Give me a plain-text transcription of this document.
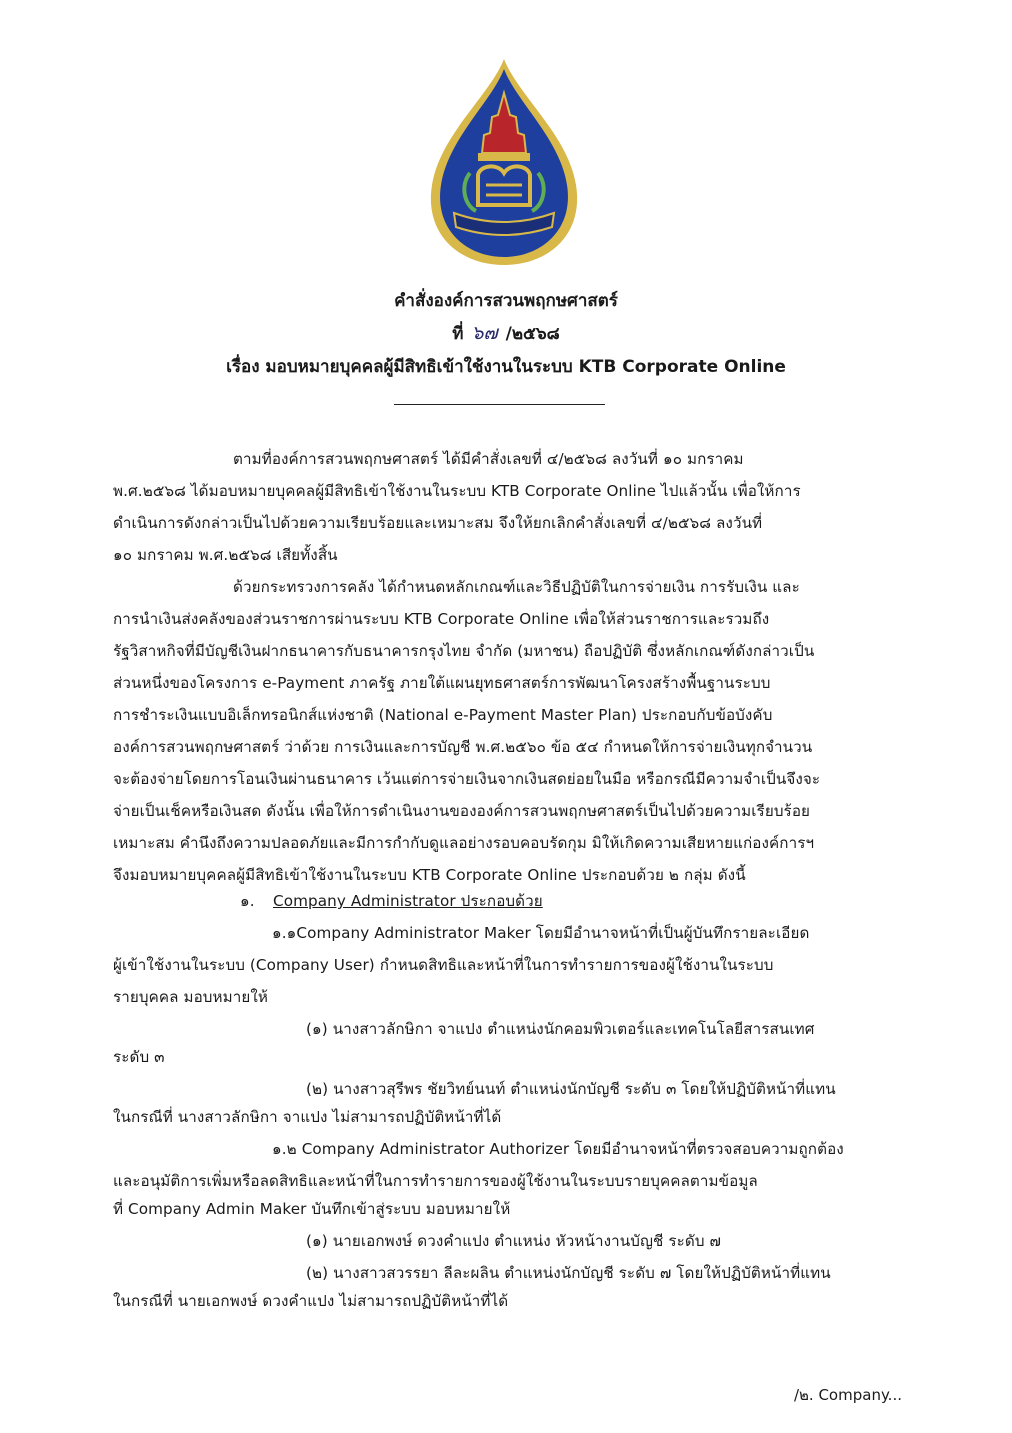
คำสั่งองค์การสวนพฤกษศาสตร์
ที่ ๖๗ /๒๕๖๘
เรื่อง มอบหมายบุคคลผู้มีสิทธิเข้าใช้งานในระบบ KTB Corporate Online
ตามที่องค์การสวนพฤกษศาสตร์ ได้มีคำสั่งเลขที่ ๔/๒๕๖๘ ลงวันที่ ๑๐ มกราคม
พ.ศ.๒๕๖๘ ได้มอบหมายบุคคลผู้มีสิทธิเข้าใช้งานในระบบ KTB Corporate Online ไปแล้วนั้น เพื่อให้การ
ดำเนินการดังกล่าวเป็นไปด้วยความเรียบร้อยและเหมาะสม จึงให้ยกเลิกคำสั่งเลขที่ ๔/๒๕๖๘ ลงวันที่
๑๐ มกราคม พ.ศ.๒๕๖๘ เสียทั้งสิ้น
ด้วยกระทรวงการคลัง ได้กำหนดหลักเกณฑ์และวิธีปฏิบัติในการจ่ายเงิน การรับเงิน และ
การนำเงินส่งคลังของส่วนราชการผ่านระบบ KTB Corporate Online เพื่อให้ส่วนราชการและรวมถึง
รัฐวิสาหกิจที่มีบัญชีเงินฝากธนาคารกับธนาคารกรุงไทย จำกัด (มหาชน) ถือปฏิบัติ ซึ่งหลักเกณฑ์ดังกล่าวเป็น
ส่วนหนึ่งของโครงการ e-Payment ภาครัฐ ภายใต้แผนยุทธศาสตร์การพัฒนาโครงสร้างพื้นฐานระบบ
การชำระเงินแบบอิเล็กทรอนิกส์แห่งชาติ (National e-Payment Master Plan) ประกอบกับข้อบังคับ
องค์การสวนพฤกษศาสตร์ ว่าด้วย การเงินและการบัญชี พ.ศ.๒๕๖๐ ข้อ ๕๔ กำหนดให้การจ่ายเงินทุกจำนวน
จะต้องจ่ายโดยการโอนเงินผ่านธนาคาร เว้นแต่การจ่ายเงินจากเงินสดย่อยในมือ หรือกรณีมีความจำเป็นจึงจะ
จ่ายเป็นเช็คหรือเงินสด ดังนั้น เพื่อให้การดำเนินงานขององค์การสวนพฤกษศาสตร์เป็นไปด้วยความเรียบร้อย
เหมาะสม คำนึงถึงความปลอดภัยและมีการกำกับดูแลอย่างรอบคอบรัดกุม มิให้เกิดความเสียหายแก่องค์การฯ
จึงมอบหมายบุคคลผู้มีสิทธิเข้าใช้งานในระบบ KTB Corporate Online ประกอบด้วย ๒ กลุ่ม ดังนี้
๑. Company Administrator ประกอบด้วย
๑.๑Company Administrator Maker โดยมีอำนาจหน้าที่เป็นผู้บันทึกรายละเอียด
ผู้เข้าใช้งานในระบบ (Company User) กำหนดสิทธิและหน้าที่ในการทำรายการของผู้ใช้งานในระบบ
รายบุคคล มอบหมายให้
(๑) นางสาวลักษิกา จาแปง ตำแหน่งนักคอมพิวเตอร์และเทคโนโลยีสารสนเทศ
ระดับ ๓
(๒) นางสาวสุรีพร ชัยวิทย์นนท์ ตำแหน่งนักบัญชี ระดับ ๓ โดยให้ปฏิบัติหน้าที่แทน
ในกรณีที่ นางสาวลักษิกา จาแปง ไม่สามารถปฏิบัติหน้าที่ได้
๑.๒ Company Administrator Authorizer โดยมีอำนาจหน้าที่ตรวจสอบความถูกต้อง
และอนุมัติการเพิ่มหรือลดสิทธิและหน้าที่ในการทำรายการของผู้ใช้งานในระบบรายบุคคลตามข้อมูล
ที่ Company Admin Maker บันทึกเข้าสู่ระบบ มอบหมายให้
(๑) นายเอกพงษ์ ดวงคำแปง ตำแหน่ง หัวหน้างานบัญชี ระดับ ๗
(๒) นางสาวสวรรยา ลีละผลิน ตำแหน่งนักบัญชี ระดับ ๗ โดยให้ปฏิบัติหน้าที่แทน
ในกรณีที่ นายเอกพงษ์ ดวงคำแปง ไม่สามารถปฏิบัติหน้าที่ได้
/๒. Company...
